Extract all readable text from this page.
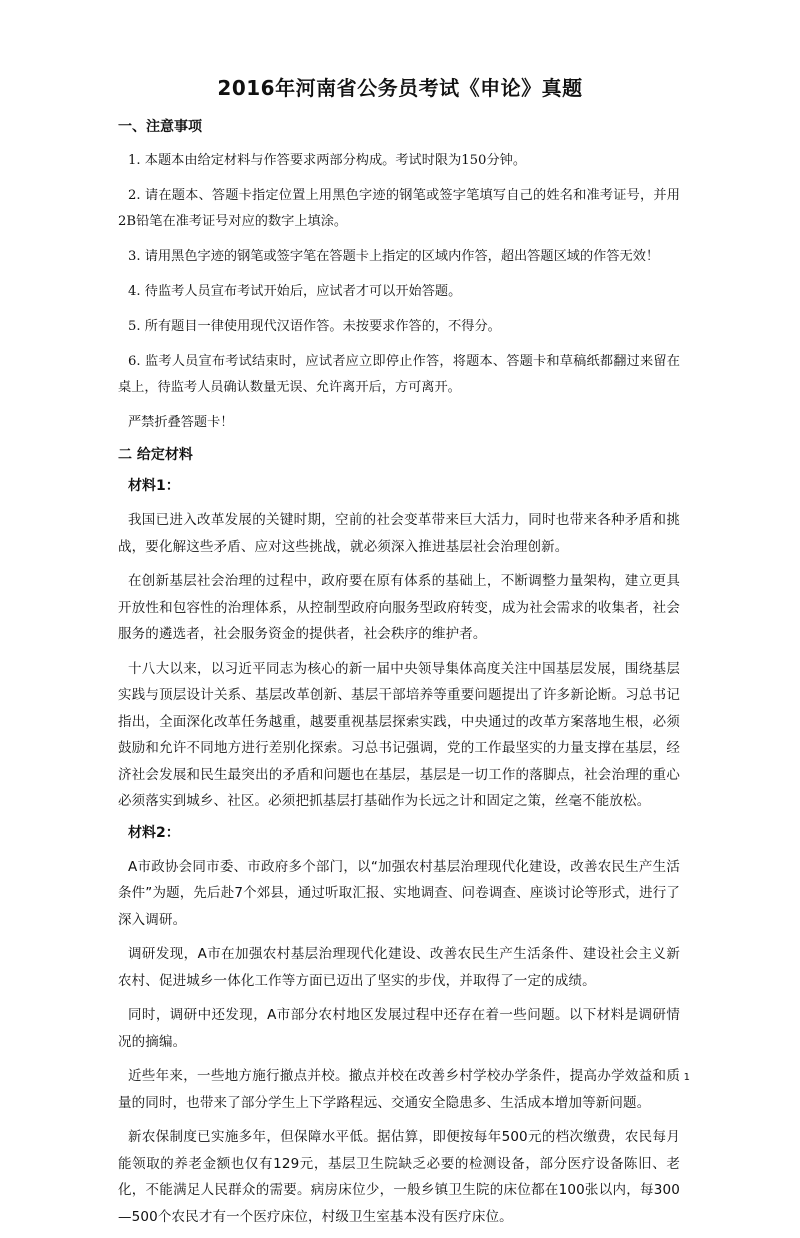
2016年河南省公务员考试《申论》真题
一、注意事项
1. 本题本由给定材料与作答要求两部分构成。考试时限为150分钟。
2. 请在题本、答题卡指定位置上用黑色字迹的钢笔或签字笔填写自己的姓名和准考证号，并用2B铅笔在准考证号对应的数字上填涂。
3. 请用黑色字迹的钢笔或签字笔在答题卡上指定的区域内作答，超出答题区域的作答无效！
4. 待监考人员宣布考试开始后，应试者才可以开始答题。
5. 所有题目一律使用现代汉语作答。未按要求作答的，不得分。
6. 监考人员宣布考试结束时，应试者应立即停止作答，将题本、答题卡和草稿纸都翻过来留在桌上，待监考人员确认数量无误、允许离开后，方可离开。
严禁折叠答题卡！
二 给定材料
材料1：
我国已进入改革发展的关键时期，空前的社会变革带来巨大活力，同时也带来各种矛盾和挑战，要化解这些矛盾、应对这些挑战，就必须深入推进基层社会治理创新。
在创新基层社会治理的过程中，政府要在原有体系的基础上，不断调整力量架构，建立更具开放性和包容性的治理体系，从控制型政府向服务型政府转变，成为社会需求的收集者，社会服务的遴选者，社会服务资金的提供者，社会秩序的维护者。
十八大以来，以习近平同志为核心的新一届中央领导集体高度关注中国基层发展，围绕基层实践与顶层设计关系、基层改革创新、基层干部培养等重要问题提出了许多新论断。习总书记指出，全面深化改革任务越重，越要重视基层探索实践，中央通过的改革方案落地生根，必须鼓励和允许不同地方进行差别化探索。习总书记强调，党的工作最坚实的力量支撑在基层，经济社会发展和民生最突出的矛盾和问题也在基层，基层是一切工作的落脚点，社会治理的重心必须落实到城乡、社区。必须把抓基层打基础作为长远之计和固定之策，丝毫不能放松。
材料2：
A市政协会同市委、市政府多个部门，以“加强农村基层治理现代化建设，改善农民生产生活条件”为题，先后赴7个郊县，通过听取汇报、实地调查、问卷调查、座谈讨论等形式，进行了深入调研。
调研发现，A市在加强农村基层治理现代化建设、改善农民生产生活条件、建设社会主义新农村、促进城乡一体化工作等方面已迈出了坚实的步伐，并取得了一定的成绩。
同时，调研中还发现，A市部分农村地区发展过程中还存在着一些问题。以下材料是调研情况的摘编。
近些年来，一些地方施行撤点并校。撤点并校在改善乡村学校办学条件，提高办学效益和质量的同时，也带来了部分学生上下学路程远、交通安全隐患多、生活成本增加等新问题。
新农保制度已实施多年，但保障水平低。据估算，即便按每年500元的档次缴费，农民每月能领取的养老金额也仅有129元，基层卫生院缺乏必要的检测设备，部分医疗设备陈旧、老化，不能满足人民群众的需要。病房床位少，一般乡镇卫生院的床位都在100张以内，每300—500个农民才有一个医疗床位，村级卫生室基本没有医疗床位。
1
